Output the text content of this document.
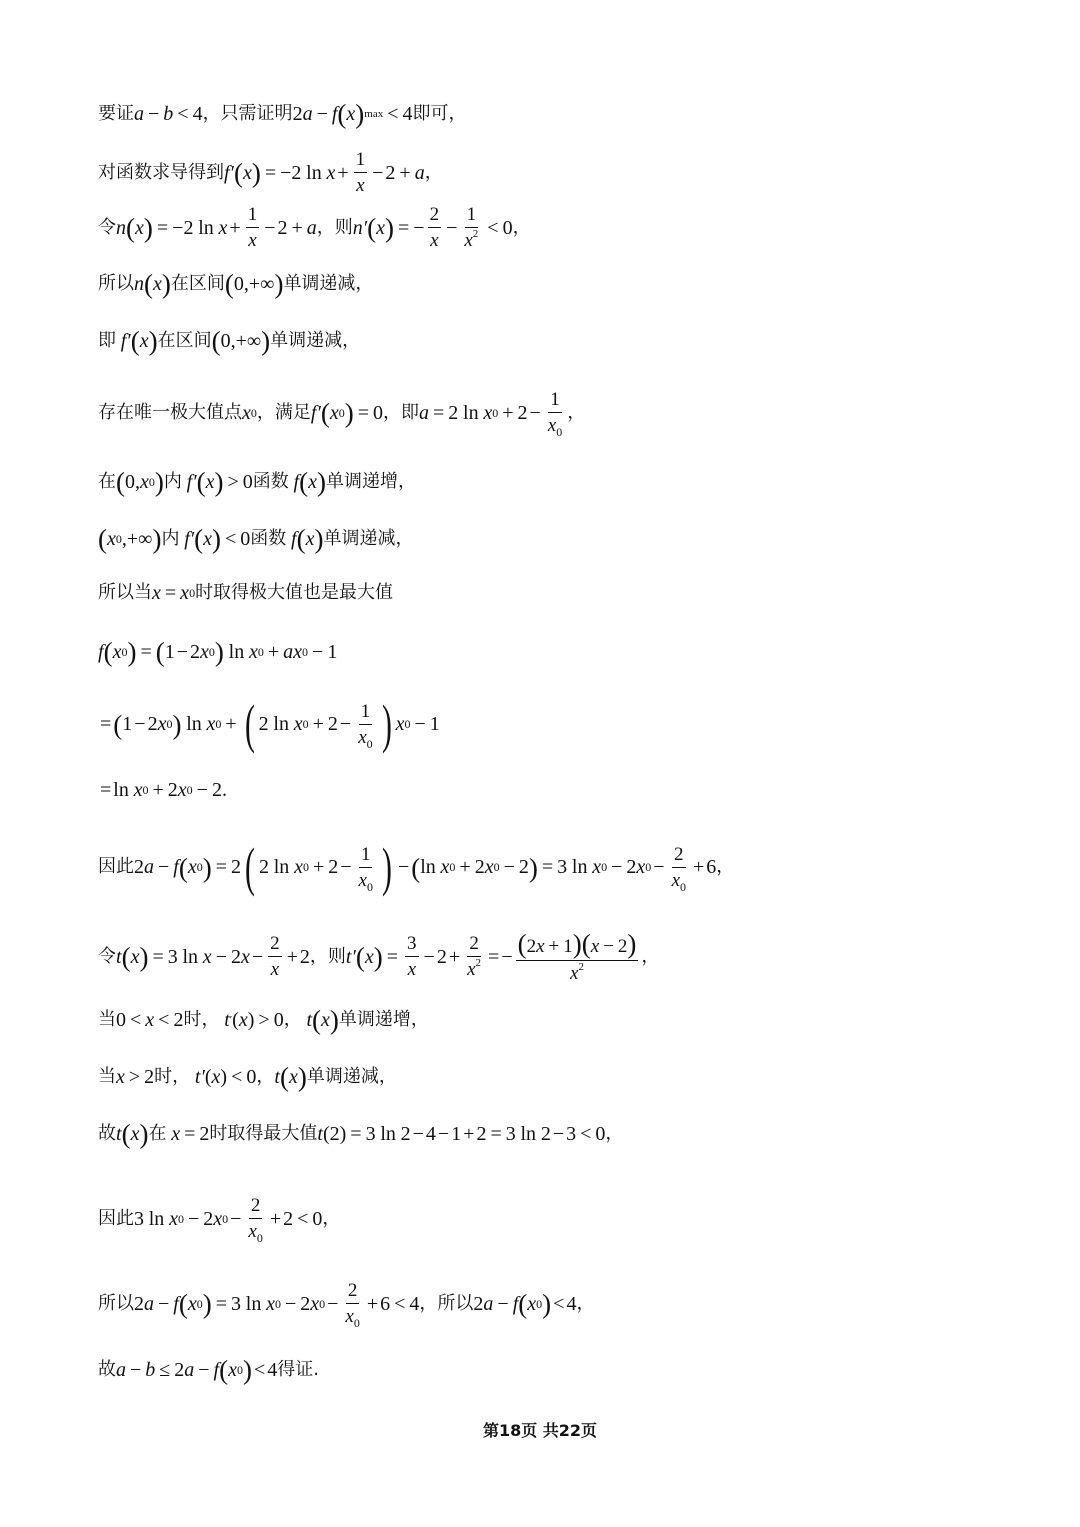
要证 a − b < 4 ，只需证明 2 a − f ( x ) max < 4 即可，
对函数求导得到 f′ ( x ) = − 2
ln
$x + \frac{1}{x} - 2 + a$ ，
令 n ( x ) = − 2
ln
$x + \frac{1}{x} - 2 + a$ ，则 n′ ( x ) = − $\frac{2}{x} - \frac{1}{x^2} < 0$ ，
所以 n ( x ) 在区间 ( 0, +∞ ) 单调递减，
即
f′ ( x ) 在区间 ( 0, +∞ ) 单调递减，
存在唯一极大值点 x 0 ，满足 f′ ( x 0 ) = 0 ，即 a = 2
ln
x $0 + 2 - \frac{1}{x_0}$ ，
在 ( 0, x 0 ) 内
f′ ( x ) > 0 函数
f ( x ) 单调递增，
( x 0 , +∞ ) 内
f′ ( x ) < 0 函数
f ( x ) 单调递减，
所以当 x = x 0 时取得极大值也是最大值
f ( x 0 ) = ( 1 − 2 x 0 )
ln
x 0 + a x 0 − 1
= ( 1 − 2 x 0 )
ln
x 0 + ( 2
ln
x $0 + 2 - \frac{1}{x_0}$ ) x 0 − 1
= ln
x 0 + 2 x 0 − 2 .
因此 2 a − f ( x 0 ) = 2 ( 2
ln
x $0 + 2 - \frac{1}{x_0}$ ) − ( ln
x 0 + 2 x 0 − 2 ) = 3
ln
x 0 − 2 x $0 - \frac{2}{x_0} + 6$ ，
令 t ( x ) = 3
ln
x − 2 $x - \frac{2}{x} + 2$ ，则 t′ ( x ) = $\frac{3}{x} - 2 + \frac{2}{x^2}$ = − $\frac{(2x + 1)(x - 2)}{x^2}$ ，
当 0 < x < 2 时，
t ′ ( x ) > 0 ，
t ( x ) 单调递增，
当 x > 2 时，
t′ ( x ) < 0 ， t ( x ) 单调递减，
故 t ( x ) 在
x = 2 时取得最大值 t ( 2 ) = 3
ln
2 − 4 − 1 + 2 = 3
ln
2 − 3 < 0 ，
因此 3
ln
x 0 − 2 x $0 - \frac{2}{x_0} + 2 < 0$ ，
所以 2 a − f ( x 0 ) = 3
ln
x 0 − 2 x $0 - \frac{2}{x_0} + 6 < 4$ ，所以 2 a − f ( x 0 ) < 4 ，
故 a − b ≤ 2 a − f ( x 0 ) < 4 得证.
第18页 共22页
